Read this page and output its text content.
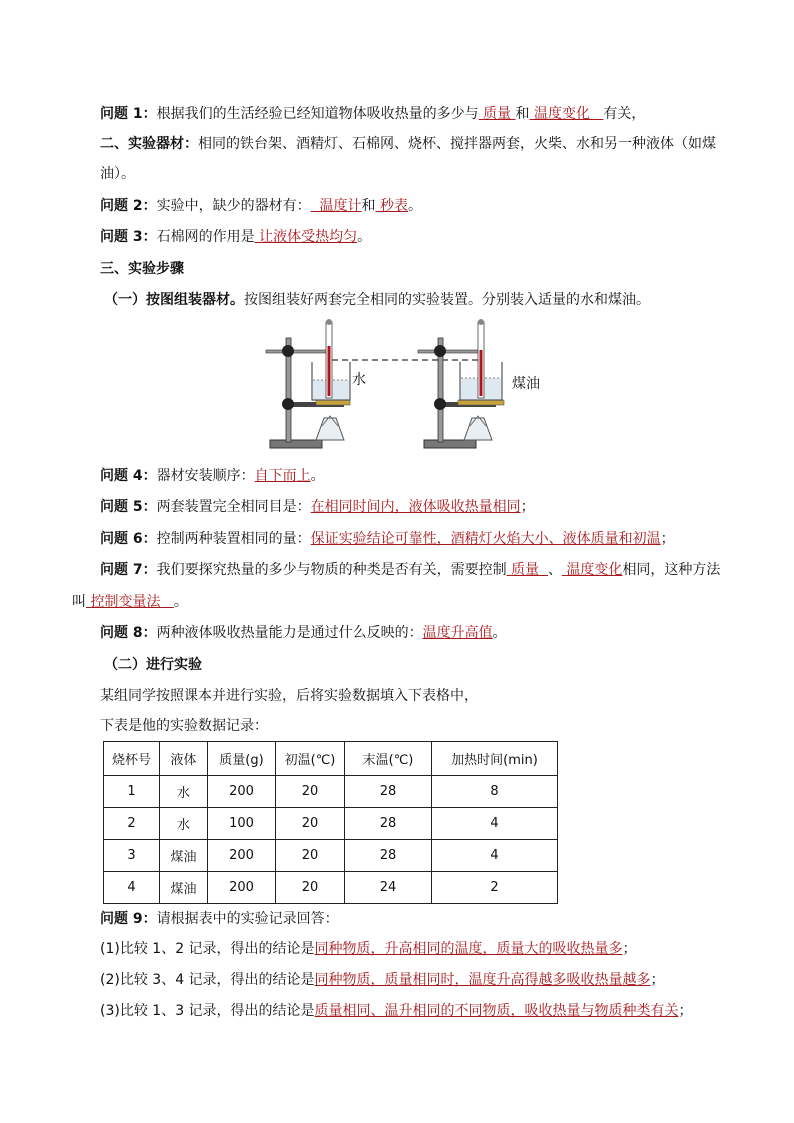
问题 1：根据我们的生活经验已经知道物体吸收热量的多少与 质量 和 温度变化 有关，
二、实验器材：相同的铁台架、酒精灯、石棉网、烧杯、搅拌器两套，火柴、水和另一种液体（如煤
油）。
问题 2：实验中，缺少的器材有： 温度计和 秒表。
问题 3：石棉网的作用是 让液体受热均匀。
三、实验步骤
（一）按图组装器材。按图组装好两套完全相同的实验装置。分别装入适量的水和煤油。
水	煤油
问题 4：器材安装顺序：自下而上。
问题 5：两套装置完全相同目是：在相同时间内，液体吸收热量相同；
问题 6：控制两种装置相同的量：保证实验结论可靠性，酒精灯火焰大小、液体质量和初温；
问题 7：我们要探究热量的多少与物质的种类是否有关，需要控制 质量 、 温度变化相同，这种方法
叫 控制变量法 。
问题 8：两种液体吸收热量能力是通过什么反映的：温度升高值。
（二）进行实验
某组同学按照课本并进行实验，后将实验数据填入下表格中，
下表是他的实验数据记录：
烧杯号	液体	质量(g)	初温(℃)	末温(℃)	加热时间(min)
1	水	200	20	28	8
2	水	100	20	28	4
3	煤油	200	20	28	4
4	煤油	200	20	24	2
问题 9：请根据表中的实验记录回答：
(1)比较 1、2 记录，得出的结论是同种物质，升高相同的温度，质量大的吸收热量多；
(2)比较 3、4 记录，得出的结论是同种物质，质量相同时，温度升高得越多吸收热量越多；
(3)比较 1、3 记录，得出的结论是质量相同、温升相同的不同物质，吸收热量与物质种类有关；
